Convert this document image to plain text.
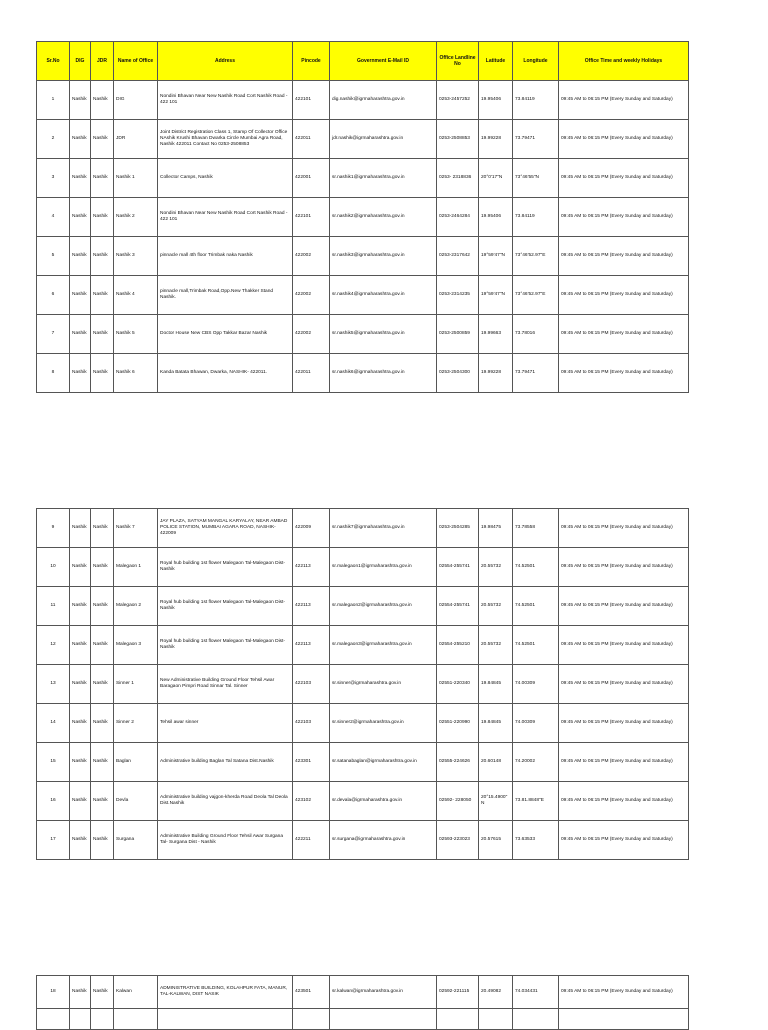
Sr.No	DIG	JDR	Name of Office	Address	Pincode	Government E-Mail ID	Office Landline No	Latitude	Longitude	Office Time and weekly Holidays
1	Nashik	Nashik	DIG	Nondini Bhavan Near New Nashik Road Cort Nashik Road - 422 101	422101	dig.nashik@igrmaharashtra.gov.in	0253-2457252	19.95406	73.84119	09:45 AM to 06:15 PM (Every Sunday and Saturday)
2	Nashik	Nashik	JDR	Joint District Registration Class 1, Stamp Of Collector Office NAshik Krushi Bhavan Dwarka Circle Mumbai Agra Road, Nashik 422011 Contact No 0253-2508853	422011	jdr.nashik@igrmaharashtra.gov.in	0253-2508853	19.99228	73.79471	09:45 AM to 06:15 PM (Every Sunday and Saturday)
3	Nashik	Nashik	Nashik 1	Collector Camps, Nashik	422001	sr.nashik1@igrmaharashtra.gov.in	0253- 2318836	20°0'17"N	73°46'55"N	09:45 AM to 06:15 PM (Every Sunday and Saturday)
4	Nashik	Nashik	Nashik 2	Nondini Bhavan Near New Nashik Road Cort Nashik Road - 422 101	422101	sr.nashik2@igrmaharashtra.gov.in	0253-2464284	19.95406	73.84119	09:45 AM to 06:15 PM (Every Sunday and Saturday)
5	Nashik	Nashik	Nashik 3	pinnacle mall 4th floor Trimbak naka Nashik	422002	sr.nashik3@igrmaharashtra.gov.in	0253-2317642	19°59'47"N	73°46'52.97"E	09:45 AM to 06:15 PM (Every Sunday and Saturday)
6	Nashik	Nashik	Nashik 4	pinnacle mall,Trimbak Road,Opp.New Thakker Stand Nashik.	422002	sr.nashik4@igrmaharashtra.gov.in	0253-2314235	19°59'47"N	73°46'52.97"E	09:45 AM to 06:15 PM (Every Sunday and Saturday)
7	Nashik	Nashik	Nashik 5	Doctor House New CBS Opp Takkar Bazar Nashik	422002	sr.nashik5@igrmaharashtra.gov.in	0253-2500859	19.99663	73.78016	09:45 AM to 06:15 PM (Every Sunday and Saturday)
8	Nashik	Nashik	Nashik 6	Kanda Batata Bhawan, Dwarka, NASHIK- 422011.	422011	sr.nashik6@igrmaharashtra.gov.in	0253-2504300	19.99228	73.79471	09:45 AM to 06:15 PM (Every Sunday and Saturday)
9	Nashik	Nashik	Nashik 7	JAY PLAZA, SATYAM MANGAL KARYALAY, NEAR AMBAD POLICE STATION, MUMBAI AGARA ROAD, NASHIK- 422009	422009	sr.nashik7@igrmaharashtra.gov.in	0253-2504285	19.98475	73.78558	09:45 AM to 06:15 PM (Every Sunday and Saturday)
10	Nashik	Nashik	Malegaon 1	Royal hub building 1st flower Malegaon Tal-Malegaon Dist-Nashik	422113	sr.malegaon1@igrmaharashtra.gov.in	02554-255741	20.55732	74.52501	09:45 AM to 06:15 PM (Every Sunday and Saturday)
11	Nashik	Nashik	Malegaon 2	Royal hub building 1st flower Malegaon Tal-Malegaon Dist-Nashik	422113	sr.malegaon2@igrmaharashtra.gov.in	02554-255741	20.55732	74.52501	09:45 AM to 06:15 PM (Every Sunday and Saturday)
12	Nashik	Nashik	Malegaon 3	Royal hub building 1st flower Malegaon Tal-Malegaon Dist-Nashik	422113	sr.malegaon3@igrmaharashtra.gov.in	02554-255210	20.55732	74.52501	09:45 AM to 06:15 PM (Every Sunday and Saturday)
13	Nashik	Nashik	Sinner 1	New Administrative Building Ground Floor Tehsil Awar Baragaon Pimpri Road Sinnar Tal. Sinner	422103	sr.sinner@igrmaharashtra.gov.in	02551-220340	19.84845	74.00309	09:45 AM to 06:15 PM (Every Sunday and Saturday)
14	Nashik	Nashik	Sinner 2	Tehsil awar sinner	422103	sr.sinner2@igrmaharashtra.gov.in	02551-220990	19.84845	74.00309	09:45 AM to 06:15 PM (Every Sunday and Saturday)
15	Nashik	Nashik	Baglan	Administrative building Baglan Tal Satana Dist.Nashik	423301	sr.satanabaglan@igrmaharashtra.gov.in	02555-224626	20.60148	74.20002	09:45 AM to 06:15 PM (Every Sunday and Saturday)
16	Nashik	Nashik	Devla	Administrative building vajgon-kherda Road Deola Tal Deola Dist.Nashik	423102	sr.devala@igrmaharashtra.gov.in	02592- 228050	20°15.4900"N	73.81.8848"E	09:45 AM to 06:15 PM (Every Sunday and Saturday)
17	Nashik	Nashik	Surgana	Administrative Building Ground Floor Tehsil Awar Surgana Tal- Surgana Dist - Nashik	422211	sr.surgana@igrmaharashtra.gov.in	02593-223023	20.57615	73.63533	09:45 AM to 06:15 PM (Every Sunday and Saturday)
18	Nashik	Nashik	Kalwan	ADMINISTRATIVE BUILDING, KOLAHPUR FATA, MANUR, TAL-KALWAN, DIST NASIK	423501	sr.kalwan@igrmaharashtra.gov.in	02592-221115	20.49082	74.034431	09:45 AM to 06:15 PM (Every Sunday and Saturday)
